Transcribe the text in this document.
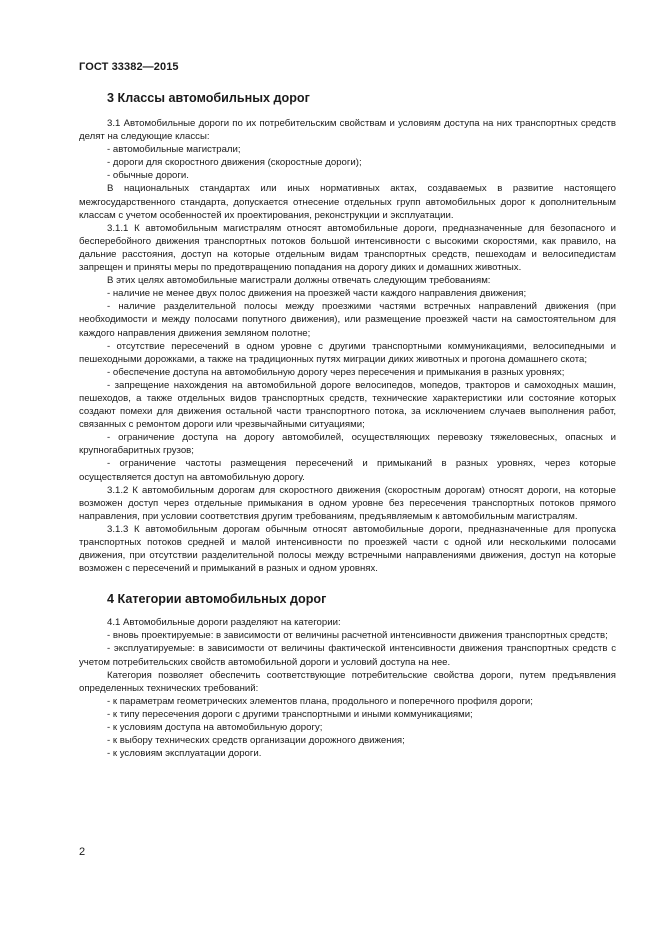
ГОСТ 33382—2015
3 Классы автомобильных дорог

3.1 Автомобильные дороги по их потребительским свойствам и условиям доступа на них транспортных средств делят на следующие классы:

- автомобильные магистрали;

- дороги для скоростного движения (скоростные дороги);

- обычные дороги.

В национальных стандартах или иных нормативных актах, создаваемых в развитие настоящего межгосударственного стандарта, допускается отнесение отдельных групп автомобильных дорог к дополнительным классам с учетом особенностей их проектирования, реконструкции и эксплуатации.

3.1.1 К автомобильным магистралям относят автомобильные дороги, предназначенные для безопасного и бесперебойного движения транспортных потоков большой интенсивности с высокими скоростями, как правило, на дальние расстояния, доступ на которые отдельным видам транспортных средств, пешеходам и велосипедистам запрещен и приняты меры по предотвращению попадания на дорогу диких и домашних животных.

В этих целях автомобильные магистрали должны отвечать следующим требованиям:

- наличие не менее двух полос движения на проезжей части каждого направления движения;

- наличие разделительной полосы между проезжими частями встречных направлений движения (при необходимости и между полосами попутного движения), или размещение проезжей части на самостоятельном для каждого направления движения земляном полотне;

- отсутствие пересечений в одном уровне с другими транспортными коммуникациями, велосипедными и пешеходными дорожками, а также на традиционных путях миграции диких животных и прогона домашнего скота;

- обеспечение доступа на автомобильную дорогу через пересечения и примыкания в разных уровнях;

- запрещение нахождения на автомобильной дороге велосипедов, мопедов, тракторов и самоходных машин, пешеходов, а также отдельных видов транспортных средств, технические характеристики или состояние которых создают помехи для движения остальной части транспортного потока, за исключением случаев выполнения работ, связанных с ремонтом дороги или чрезвычайными ситуациями;

- ограничение доступа на дорогу автомобилей, осуществляющих перевозку тяжеловесных, опасных и крупногабаритных грузов;

- ограничение частоты размещения пересечений и примыканий в разных уровнях, через которые осуществляется доступ на автомобильную дорогу.

3.1.2 К автомобильным дорогам для скоростного движения (скоростным дорогам) относят дороги, на которые возможен доступ через отдельные примыкания в одном уровне без пересечения транспортных потоков прямого направления, при условии соответствия другим требованиям, предъявляемым к автомобильным магистралям.

3.1.3 К автомобильным дорогам обычным относят автомобильные дороги, предназначенные для пропуска транспортных потоков средней и малой интенсивности по проезжей части с одной или несколькими полосами движения, при отсутствии разделительной полосы между встречными направлениями движения, доступ на которые возможен с пересечений и примыканий в разных и одном уровнях.

4 Категории автомобильных дорог

4.1 Автомобильные дороги разделяют на категории:

- вновь проектируемые: в зависимости от величины расчетной интенсивности движения транспортных средств;

- эксплуатируемые: в зависимости от величины фактической интенсивности движения транспортных средств с учетом потребительских свойств автомобильной дороги и условий доступа на нее.

Категория позволяет обеспечить соответствующие потребительские свойства дороги, путем предъявления определенных технических требований:

- к параметрам геометрических элементов плана, продольного и поперечного профиля дороги;

- к типу пересечения дороги с другими транспортными и иными коммуникациями;

- к условиям доступа на автомобильную дорогу;

- к выбору технических средств организации дорожного движения;

- к условиям эксплуатации дороги.

2
